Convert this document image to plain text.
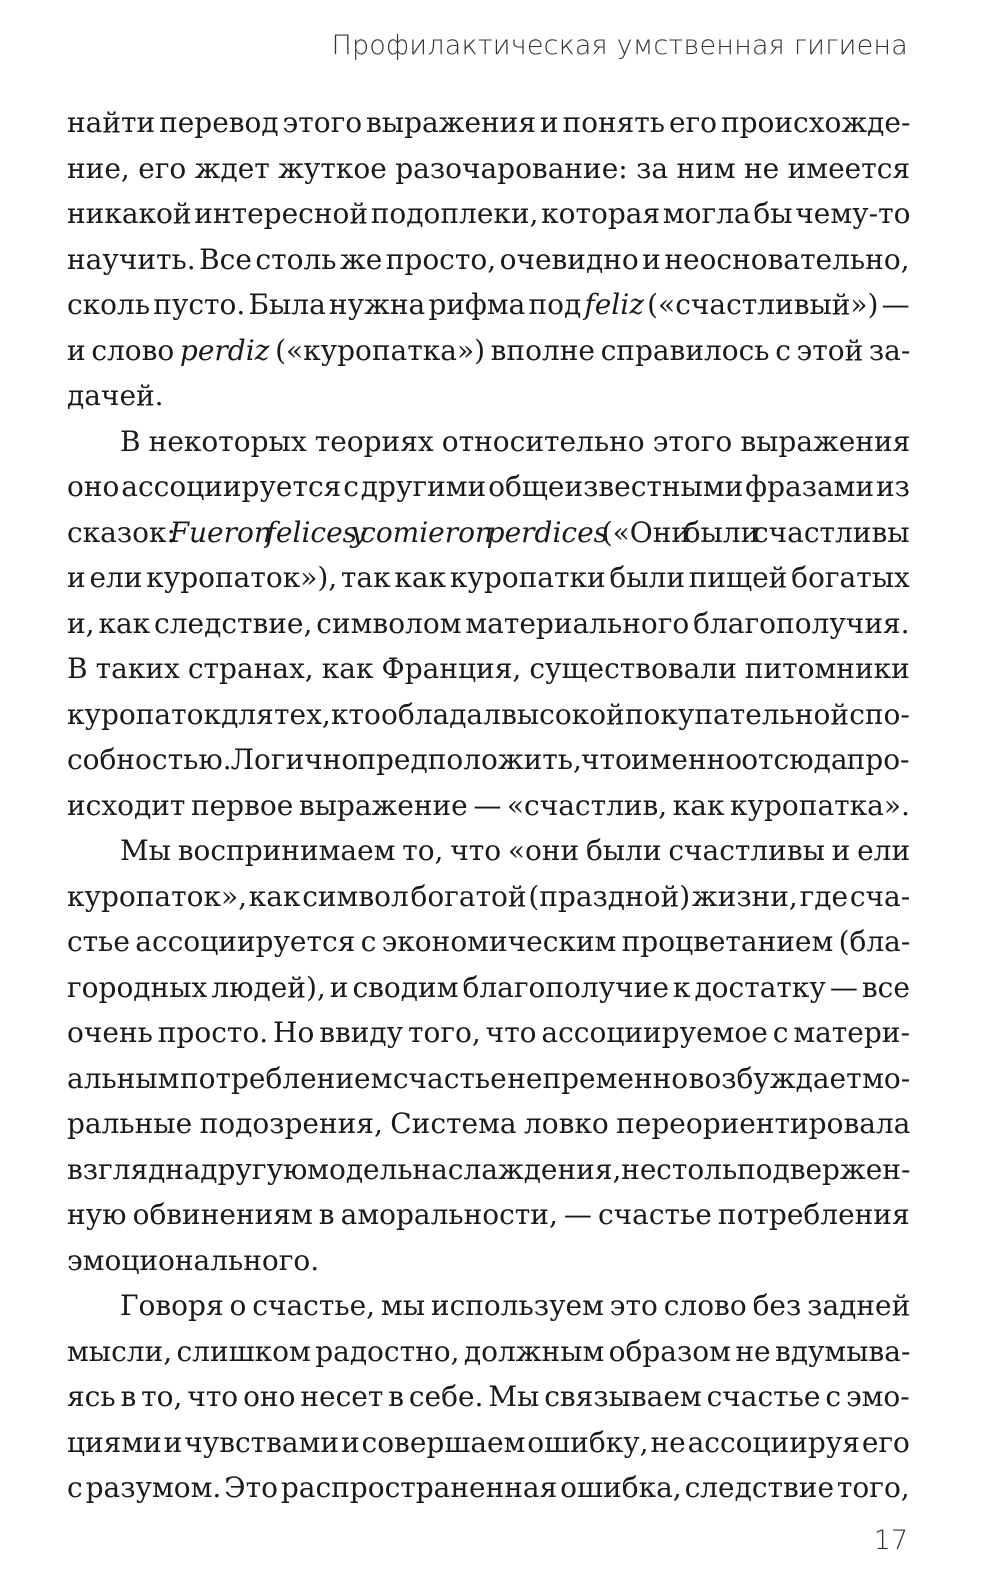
Профилактическая умственная гигиена
найти перевод этого выражения и понять его происхожде-
ние, его ждет жуткое разочарование: за ним не имеется
никакой интересной подоплеки, которая могла бы чему-то
научить. Все столь же просто, очевидно и неосновательно,
сколь пусто. Была нужна рифма под feliz («счастливый») —
и слово perdiz («куропатка») вполне справилось с этой за-
дачей.
В некоторых теориях относительно этого выражения
оно ассоциируется с другими общеизвестными фразами из
сказок: Fueron felices y comieron perdices («Они были счастливы
и ели куропаток»), так как куропатки были пищей богатых
и, как следствие, символом материального благополучия.
В таких странах, как Франция, существовали питомники
куропаток для тех, кто обладал высокой покупательной спо-
собностью. Логично предположить, что именно отсюда про-
исходит первое выражение — «счастлив, как куропатка».
Мы воспринимаем то, что «они были счастливы и ели
куропаток», как символ богатой (праздной) жизни, где сча-
стье ассоциируется с экономическим процветанием (бла-
городных людей), и сводим благополучие к достатку — все
очень просто. Но ввиду того, что ассоциируемое с матери-
альным потреблением счастье непременно возбуждает мо-
ральные подозрения, Система ловко переориентировала
взгляд на другую модель наслаждения, не столь подвержен-
ную обвинениям в аморальности, — счастье потребления
эмоционального.
Говоря о счастье, мы используем это слово без задней
мысли, слишком радостно, должным образом не вдумыва-
ясь в то, что оно несет в себе. Мы связываем счастье с эмо-
циями и чувствами и совершаем ошибку, не ассоциируя его
с разумом. Это распространенная ошибка, следствие того,
17
